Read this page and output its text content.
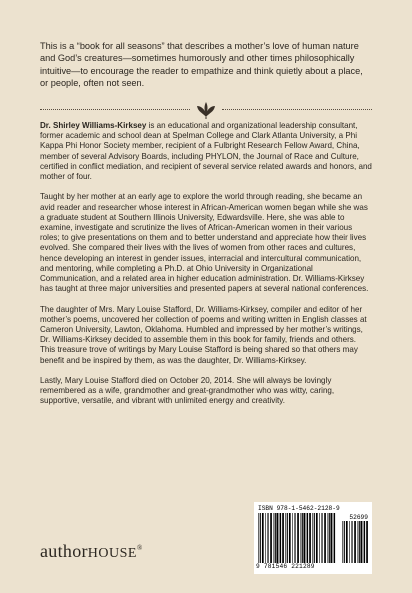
This is a “book for all seasons” that describes a mother’s love of human nature and God’s creatures—sometimes humorously and other times philosophically intuitive—to encourage the reader to empathize and think quietly about a place, or people, often not seen.

Dr. Shirley Williams-Kirksey is an educational and organizational leadership consultant, former academic and school dean at Spelman College and Clark Atlanta University, a Phi Kappa Phi Honor Society member, recipient of a Fulbright Research Fellow Award, China, member of several Advisory Boards, including PHYLON, the Journal of Race and Culture, certified in conflict mediation, and recipient of several service related awards and honors, and mother of four.

Taught by her mother at an early age to explore the world through reading, she became an avid reader and researcher whose interest in African-American women began while she was a graduate student at Southern Illinois University, Edwardsville. Here, she was able to examine, investigate and scrutinize the lives of African-American women in their various roles; to give presentations on them and to better understand and appreciate how their lives evolved. She compared their lives with the lives of women from other races and cultures, hence developing an interest in gender issues, interracial and intercultural communication, and mentoring, while completing a Ph.D. at Ohio University in Organizational Communication, and a related area in higher education administration. Dr. Williams-Kirksey has taught at three major universities and presented papers at several national conferences.

The daughter of Mrs. Mary Louise Stafford, Dr. Williams-Kirksey, compiler and editor of her mother’s poems, uncovered her collection of poems and writing written in English classes at Cameron University, Lawton, Oklahoma. Humbled and impressed by her mother’s writings, Dr. Williams-Kirksey decided to assemble them in this book for family, friends and others. This treasure trove of writings by Mary Louise Stafford is being shared so that others may benefit and be inspired by them, as was the daughter, Dr. Williams-Kirksey.

Lastly, Mary Louise Stafford died on October 20, 2014. She will always be lovingly remembered as a wife, grandmother and great-grandmother who was witty, caring, supportive, versatile, and vibrant with unlimited energy and creativity.

authorHOUSE®
ISBN 978-1-5462-2128-9
52699
9 781546 221289
